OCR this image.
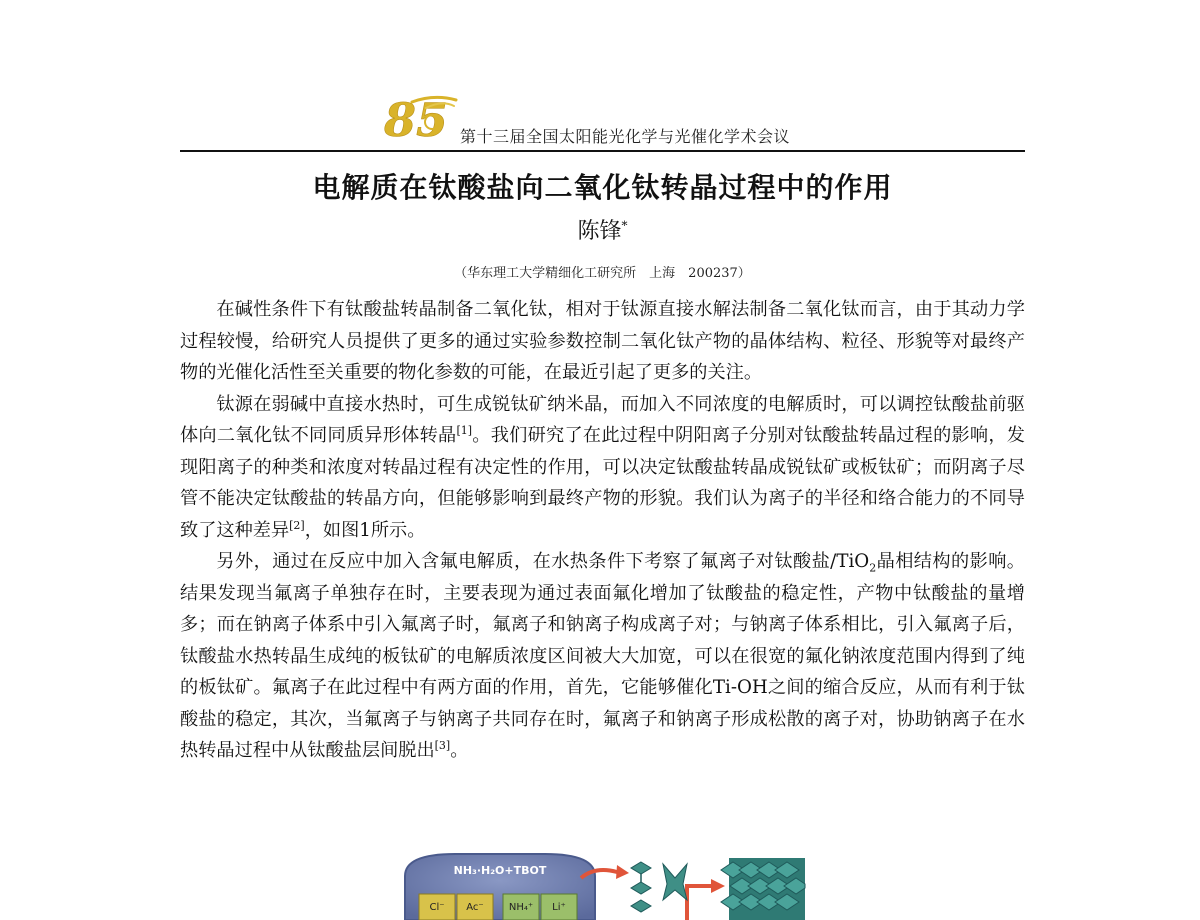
85 第十三届全国太阳能光化学与光催化学术会议
电解质在钛酸盐向二氧化钛转晶过程中的作用
陈锋*
（华东理工大学精细化工研究所　上海　200237）

在碱性条件下有钛酸盐转晶制备二氧化钛，相对于钛源直接水解法制备二氧化钛而言，由于其动力学过程较慢，给研究人员提供了更多的通过实验参数控制二氧化钛产物的晶体结构、粒径、形貌等对最终产物的光催化活性至关重要的物化参数的可能，在最近引起了更多的关注。

钛源在弱碱中直接水热时，可生成锐钛矿纳米晶，而加入不同浓度的电解质时，可以调控钛酸盐前驱体向二氧化钛不同同质异形体转晶[1]。我们研究了在此过程中阴阳离子分别对钛酸盐转晶过程的影响，发现阳离子的种类和浓度对转晶过程有决定性的作用，可以决定钛酸盐转晶成锐钛矿或板钛矿；而阴离子尽管不能决定钛酸盐的转晶方向，但能够影响到最终产物的形貌。我们认为离子的半径和络合能力的不同导致了这种差异[2]，如图1所示。

另外，通过在反应中加入含氟电解质，在水热条件下考察了氟离子对钛酸盐/TiO$_2$晶相结构的影响。结果发现当氟离子单独存在时，主要表现为通过表面氟化增加了钛酸盐的稳定性，产物中钛酸盐的量增多；而在钠离子体系中引入氟离子时，氟离子和钠离子构成离子对；与钠离子体系相比，引入氟离子后，钛酸盐水热转晶生成纯的板钛矿的电解质浓度区间被大大加宽，可以在很宽的氟化钠浓度范围内得到了纯的板钛矿。氟离子在此过程中有两方面的作用，首先，它能够催化Ti-OH之间的缩合反应，从而有利于钛酸盐的稳定，其次，当氟离子与钠离子共同存在时，氟离子和钠离子形成松散的离子对，协助钠离子在水热转晶过程中从钛酸盐层间脱出[3]。

NH₃·H₂O+TBOT
Cl⁻ Ac⁻	NH₄⁺ Li⁺
